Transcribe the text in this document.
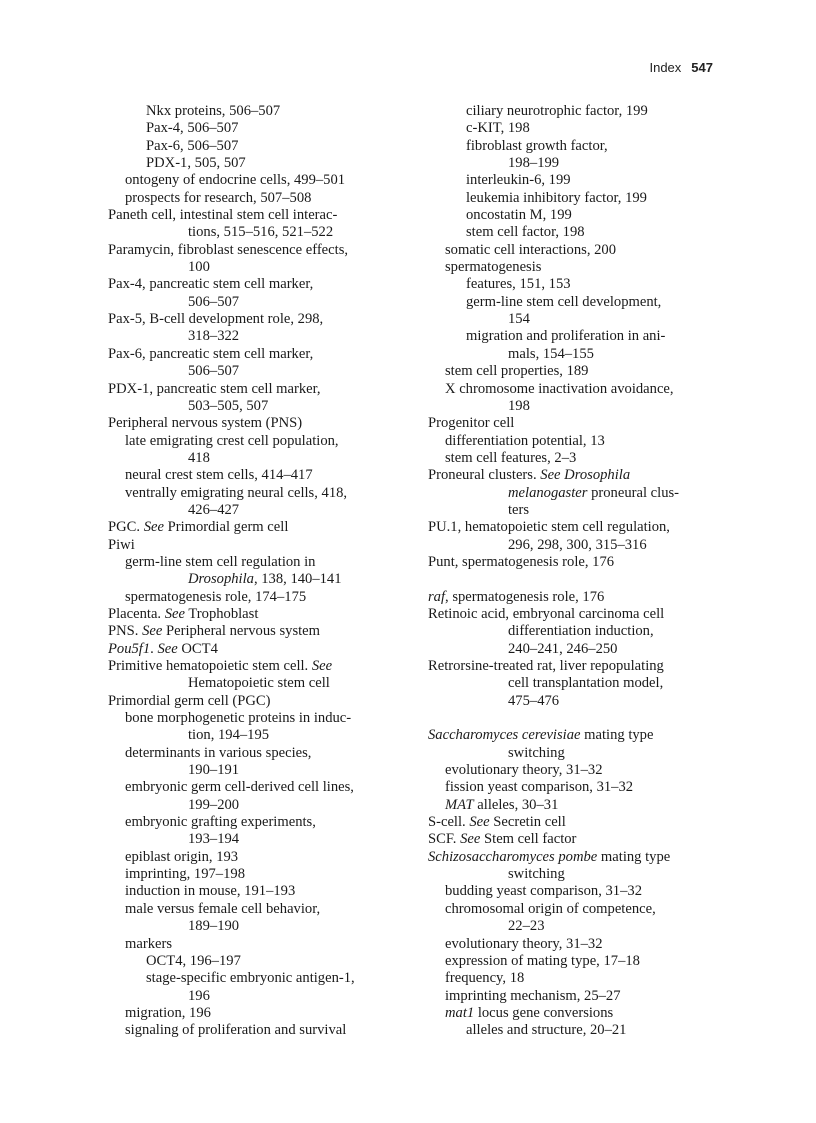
Index 547
Nkx proteins, 506–507
Pax-4, 506–507
Pax-6, 506–507
PDX-1, 505, 507
ontogeny of endocrine cells, 499–501
prospects for research, 507–508
Paneth cell, intestinal stem cell interac-
tions, 515–516, 521–522
Paramycin, fibroblast senescence effects,
100
Pax-4, pancreatic stem cell marker,
506–507
Pax-5, B-cell development role, 298,
318–322
Pax-6, pancreatic stem cell marker,
506–507
PDX-1, pancreatic stem cell marker,
503–505, 507
Peripheral nervous system (PNS)
late emigrating crest cell population,
418
neural crest stem cells, 414–417
ventrally emigrating neural cells, 418,
426–427
PGC. See Primordial germ cell
Piwi
germ-line stem cell regulation in
Drosophila, 138, 140–141
spermatogenesis role, 174–175
Placenta. See Trophoblast
PNS. See Peripheral nervous system
Pou5f1. See OCT4
Primitive hematopoietic stem cell. See
Hematopoietic stem cell
Primordial germ cell (PGC)
bone morphogenetic proteins in induc-
tion, 194–195
determinants in various species,
190–191
embryonic germ cell-derived cell lines,
199–200
embryonic grafting experiments,
193–194
epiblast origin, 193
imprinting, 197–198
induction in mouse, 191–193
male versus female cell behavior,
189–190
markers
OCT4, 196–197
stage-specific embryonic antigen-1,
196
migration, 196
signaling of proliferation and survival
ciliary neurotrophic factor, 199
c-KIT, 198
fibroblast growth factor,
198–199
interleukin-6, 199
leukemia inhibitory factor, 199
oncostatin M, 199
stem cell factor, 198
somatic cell interactions, 200
spermatogenesis
features, 151, 153
germ-line stem cell development,
154
migration and proliferation in ani-
mals, 154–155
stem cell properties, 189
X chromosome inactivation avoidance,
198
Progenitor cell
differentiation potential, 13
stem cell features, 2–3
Proneural clusters. See Drosophila
melanogaster proneural clus-
ters
PU.1, hematopoietic stem cell regulation,
296, 298, 300, 315–316
Punt, spermatogenesis role, 176
raf, spermatogenesis role, 176
Retinoic acid, embryonal carcinoma cell
differentiation induction,
240–241, 246–250
Retrorsine-treated rat, liver repopulating
cell transplantation model,
475–476
Saccharomyces cerevisiae mating type
switching
evolutionary theory, 31–32
fission yeast comparison, 31–32
MAT alleles, 30–31
S-cell. See Secretin cell
SCF. See Stem cell factor
Schizosaccharomyces pombe mating type
switching
budding yeast comparison, 31–32
chromosomal origin of competence,
22–23
evolutionary theory, 31–32
expression of mating type, 17–18
frequency, 18
imprinting mechanism, 25–27
mat1 locus gene conversions
alleles and structure, 20–21
